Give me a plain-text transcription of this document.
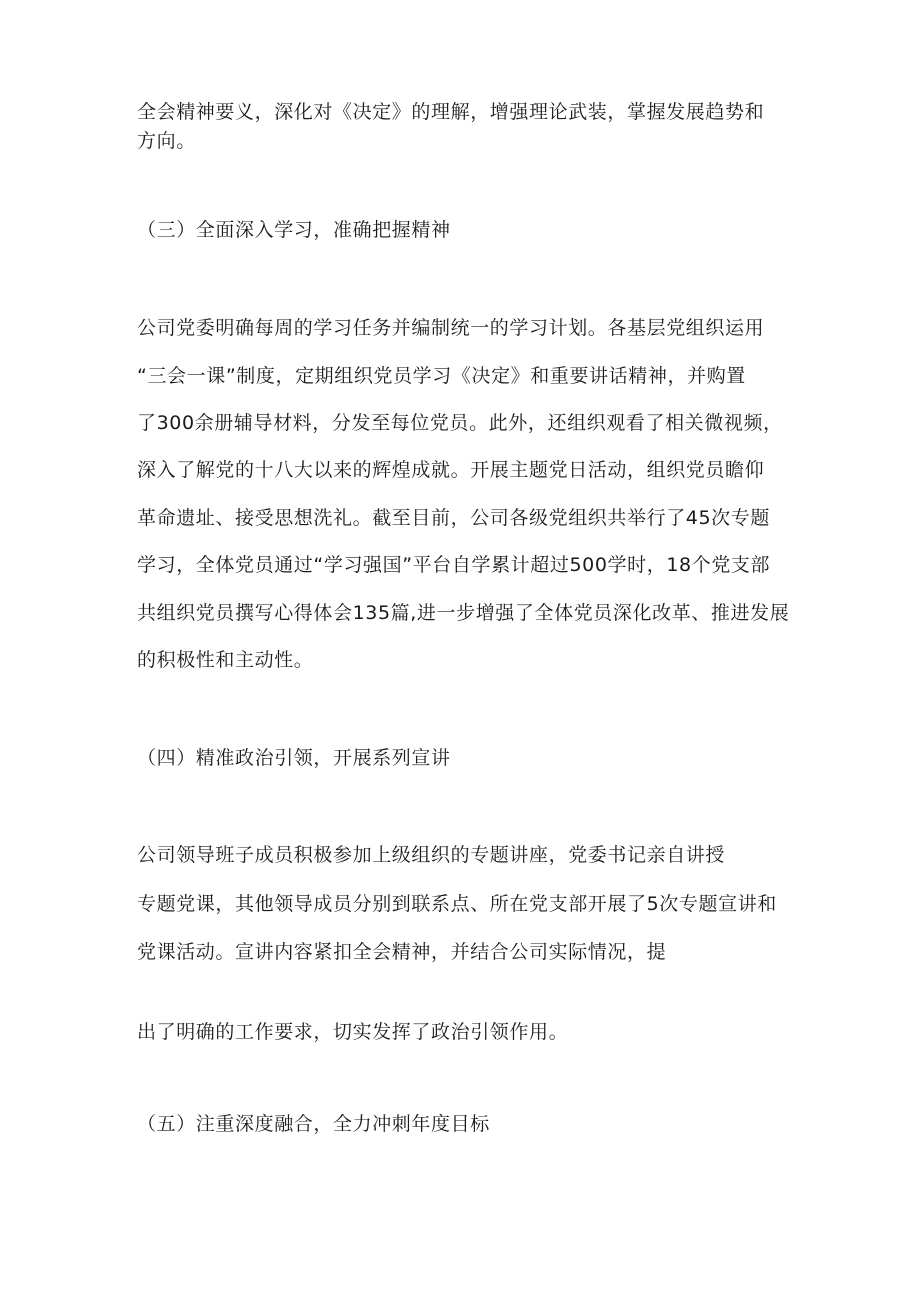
全会精神要义，深化对《决定》的理解，增强理论武装，掌握发展趋势和
方向。
（三）全面深入学习，准确把握精神
公司党委明确每周的学习任务并编制统一的学习计划。各基层党组织运用
“三会一课”制度，定期组织党员学习《决定》和重要讲话精神，并购置
了300余册辅导材料，分发至每位党员。此外，还组织观看了相关微视频，
深入了解党的十八大以来的辉煌成就。开展主题党日活动，组织党员瞻仰
革命遗址、接受思想洗礼。截至目前，公司各级党组织共举行了45次专题
学习，全体党员通过“学习强国”平台自学累计超过500学时，18个党支部
共组织党员撰写心得体会135篇,进一步增强了全体党员深化改革、推进发展
的积极性和主动性。
（四）精准政治引领，开展系列宣讲
公司领导班子成员积极参加上级组织的专题讲座，党委书记亲自讲授
专题党课，其他领导成员分别到联系点、所在党支部开展了5次专题宣讲和
党课活动。宣讲内容紧扣全会精神，并结合公司实际情况，提
出了明确的工作要求，切实发挥了政治引领作用。
（五）注重深度融合，全力冲刺年度目标
